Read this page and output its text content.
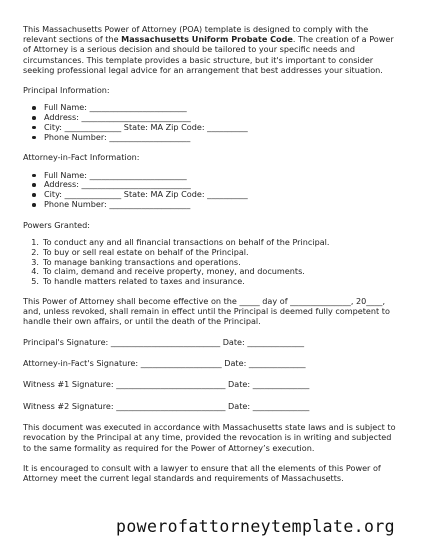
This Massachusetts Power of Attorney (POA) template is designed to comply with the relevant sections of the Massachusetts Uniform Probate Code. The creation of a Power of Attorney is a serious decision and should be tailored to your specific needs and circumstances. This template provides a basic structure, but it's important to consider seeking professional legal advice for an arrangement that best addresses your situation.

Principal Information:

Full Name: ________________________
Address: ___________________________
City: ______________ State: MA Zip Code: __________
Phone Number: ____________________

Attorney-in-Fact Information:

Full Name: ________________________
Address: ___________________________
City: ______________ State: MA Zip Code: __________
Phone Number: ____________________

Powers Granted:

1. To conduct any and all financial transactions on behalf of the Principal.
2. To buy or sell real estate on behalf of the Principal.
3. To manage banking transactions and operations.
4. To claim, demand and receive property, money, and documents.
5. To handle matters related to taxes and insurance.

This Power of Attorney shall become effective on the _____ day of _______________, 20____, and, unless revoked, shall remain in effect until the Principal is deemed fully competent to handle their own affairs, or until the death of the Principal.

Principal's Signature: ___________________________ Date: ______________

Attorney-in-Fact's Signature: ____________________ Date: ______________

Witness #1 Signature: ___________________________ Date: ______________

Witness #2 Signature: ___________________________ Date: ______________

This document was executed in accordance with Massachusetts state laws and is subject to revocation by the Principal at any time, provided the revocation is in writing and subjected to the same formality as required for the Power of Attorney’s execution.

It is encouraged to consult with a lawyer to ensure that all the elements of this Power of Attorney meet the current legal standards and requirements of Massachusetts.

powerofattorneytemplate.org
